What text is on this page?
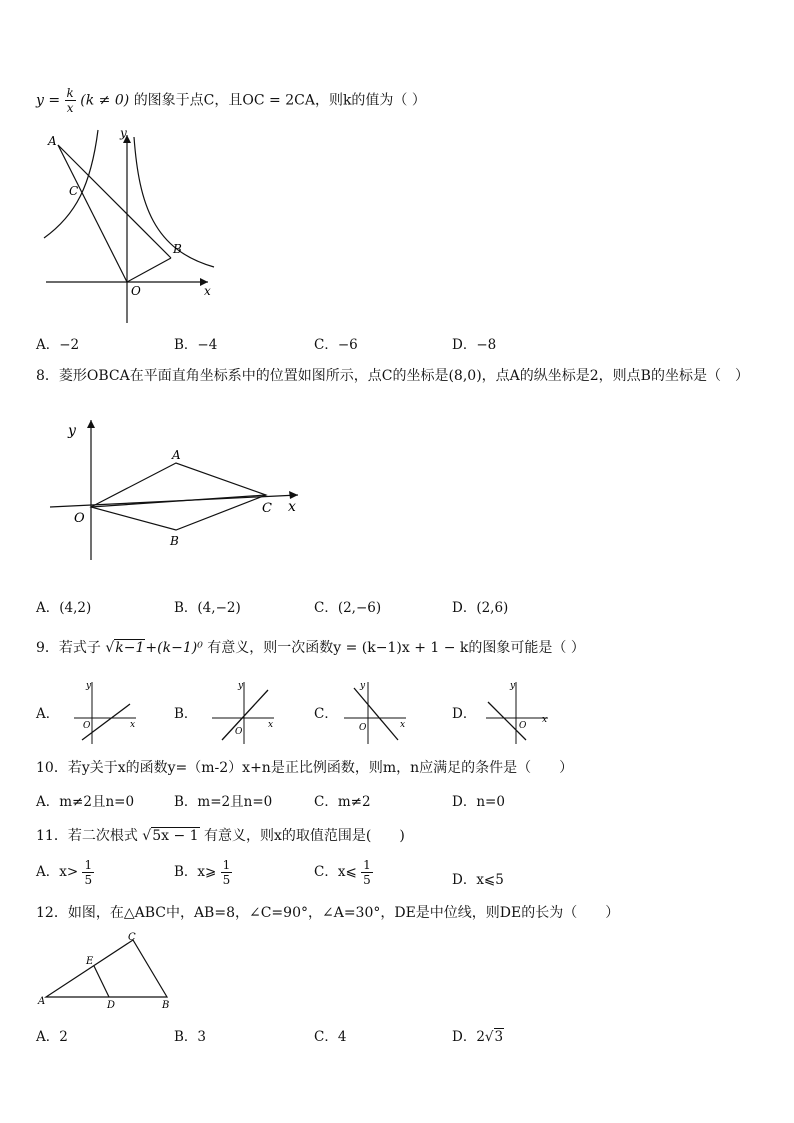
$y = \frac{k}{x} (k \ne 0)$ 的图象于点C，且OC = 2CA，则k的值为（ ）
A
C
B
O	x
y
A．−2	B．−4	C．−6	D．−8
8．菱形OBCA在平面直角坐标系中的位置如图所示，点C的坐标是(8,0)，点A的纵坐标是2，则点B的坐标是（　）
y
A
O
C x
B
A．(4,2)	B．(4,−2)	C．(2,−6)	D．(2,6)
9．若式子 √k−1+(k−1)⁰ 有意义，则一次函数y = (k−1)x + 1 − k的图象可能是（ ）
A．	B．	C．	D．
y
O	x
y
O
x
y
O	x
y
O
x
10．若y关于x的函数y=（m-2）x+n是正比例函数，则m，n应满足的条件是（　　）
A．m≠2且n=0	B．m=2且n=0	C．m≠2	D．n=0
11．若二次根式 √5x − 1 有意义，则x的取值范围是(　　)
A．$x> \frac{1}{5}$	B．x⩾ $\frac{1}{5}$	C．x⩽ $\frac{1}{5}$	D．x⩽5
12．如图，在△ABC中，AB=8，∠C=90°，∠A=30°，DE是中位线，则DE的长为（　　）
A	B
C
D
E
A．2	B．3	C．4	D．2√3
